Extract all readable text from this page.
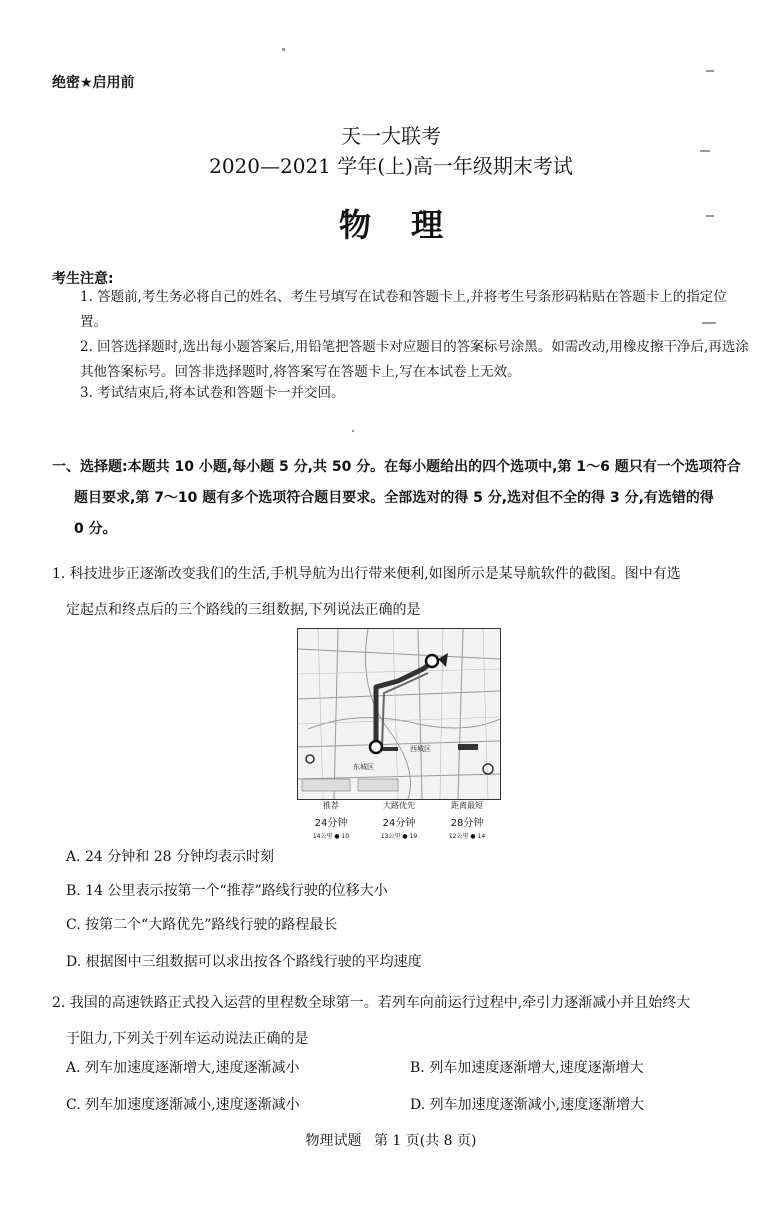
绝密★启用前
天一大联考
2020—2021 学年(上)高一年级期末考试
物理
考生注意:
1. 答题前,考生务必将自己的姓名、考生号填写在试卷和答题卡上,并将考生号条形码粘贴在答题卡上的指定位置。
2. 回答选择题时,选出每小题答案后,用铅笔把答题卡对应题目的答案标号涂黑。如需改动,用橡皮擦干净后,再选涂其他答案标号。回答非选择题时,将答案写在答题卡上,写在本试卷上无效。
3. 考试结束后,将本试卷和答题卡一并交回。
一、选择题:本题共 10 小题,每小题 5 分,共 50 分。在每小题给出的四个选项中,第 1～6 题只有一个选项符合
题目要求,第 7～10 题有多个选项符合题目要求。全部选对的得 5 分,选对但不全的得 3 分,有选错的得
0 分。
1. 科技进步正逐渐改变我们的生活,手机导航为出行带来便利,如图所示是某导航软件的截图。图中有选
定起点和终点后的三个路线的三组数据,下列说法正确的是
西城区
东城区
推荐
24分钟
14公里 ● 10
大路优先
24分钟
13公里 ● 19
距离最短
28分钟
12公里 ● 14
A. 24 分钟和 28 分钟均表示时刻
B. 14 公里表示按第一个“推荐”路线行驶的位移大小
C. 按第二个“大路优先”路线行驶的路程最长
D. 根据图中三组数据可以求出按各个路线行驶的平均速度
2. 我国的高速铁路正式投入运营的里程数全球第一。若列车向前运行过程中,牵引力逐渐减小并且始终大
于阻力,下列关于列车运动说法正确的是
A. 列车加速度逐渐增大,速度逐渐减小	B. 列车加速度逐渐增大,速度逐渐增大
C. 列车加速度逐渐减小,速度逐渐减小	D. 列车加速度逐渐减小,速度逐渐增大
物理试题 第 1 页(共 8 页)
